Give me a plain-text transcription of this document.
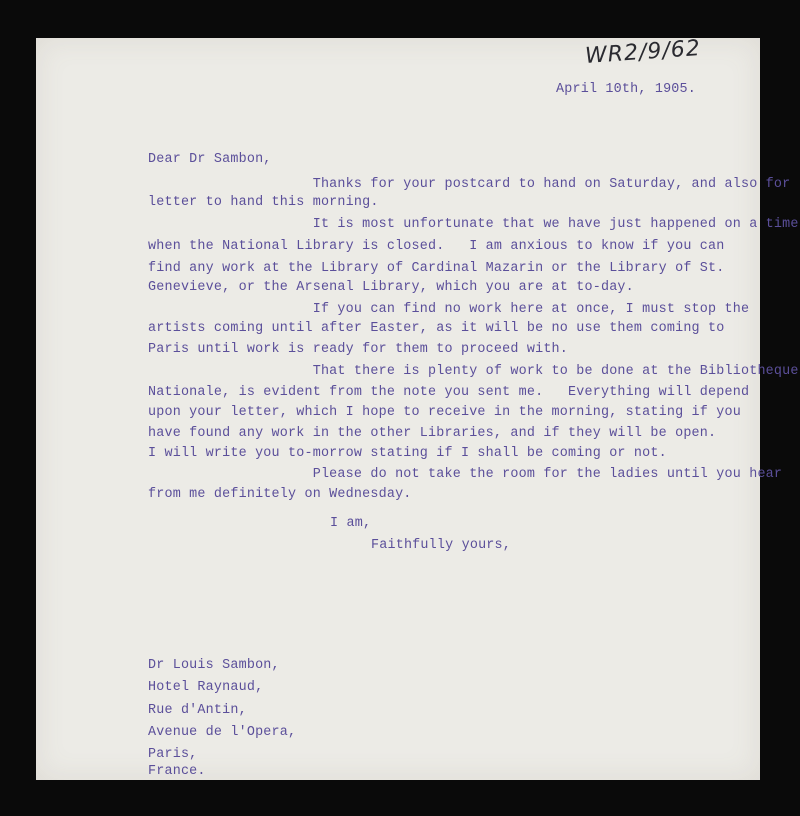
WR2/9/62
April 10th, 1905.
Dear Dr Sambon,
Thanks for your postcard to hand on Saturday, and also for
letter to hand this morning.
It is most unfortunate that we have just happened on a time
when the National Library is closed.   I am anxious to know if you can
find any work at the Library of Cardinal Mazarin or the Library of St.
Genevieve, or the Arsenal Library, which you are at to-day.
If you can find no work here at once, I must stop the
artists coming until after Easter, as it will be no use them coming to
Paris until work is ready for them to proceed with.
That there is plenty of work to be done at the Bibliotheque
Nationale, is evident from the note you sent me.   Everything will depend
upon your letter, which I hope to receive in the morning, stating if you
have found any work in the other Libraries, and if they will be open.
I will write you to-morrow stating if I shall be coming or not.
Please do not take the room for the ladies until you hear
from me definitely on Wednesday.
I am,
Faithfully yours,
Dr Louis Sambon,
Hotel Raynaud,
Rue d'Antin,
Avenue de l'Opera,
Paris,
France.
